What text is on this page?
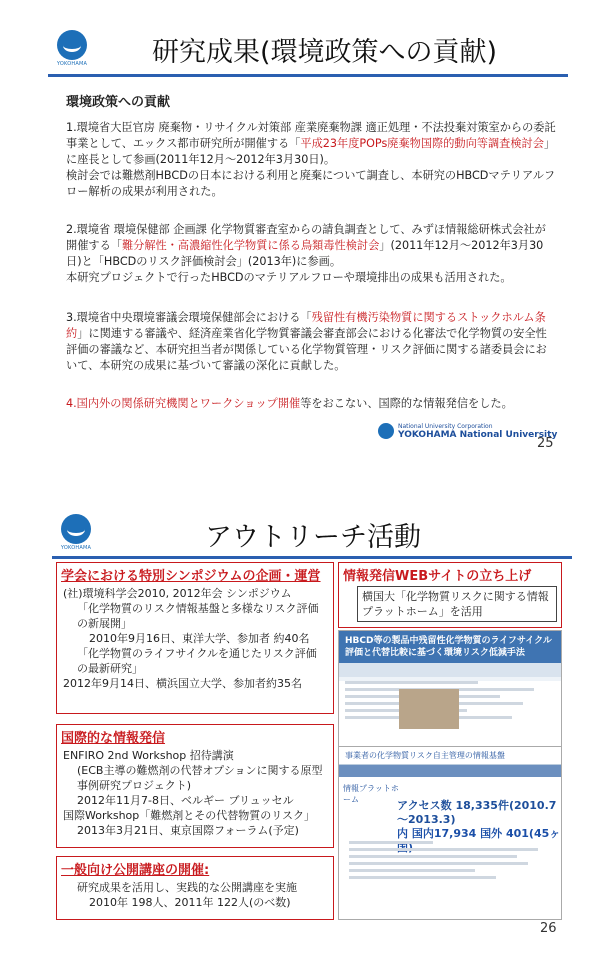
YOKOHAMA 研究成果(環境政策への貢献)
環境政策への貢献
1.環境省大臣官房 廃棄物・リサイクル対策部 産業廃棄物課 適正処理・不法投棄対策室からの委託事業として、エックス都市研究所が開催する「平成23年度POPs廃棄物国際的動向等調査検討会」に座長として参画(2011年12月～2012年3月30日)。
検討会では難燃剤HBCDの日本における利用と廃棄について調査し、本研究のHBCDマテリアルフロー解析の成果が利用された。
2.環境省 環境保健部 企画課 化学物質審査室からの請負調査として、みずほ情報総研株式会社が開催する「難分解性・高濃縮性化学物質に係る鳥類毒性検討会」(2011年12月～2012年3月30日)と「HBCDのリスク評価検討会」(2013年)に参画。
本研究プロジェクトで行ったHBCDのマテリアルフローや環境排出の成果も活用された。
3.環境省中央環境審議会環境保健部会における「残留性有機汚染物質に関するストックホルム条約」に関連する審議や、経済産業省化学物質審議会審査部会における化審法で化学物質の安全性評価の審議など、本研究担当者が関係している化学物質管理・リスク評価に関する諸委員会において、本研究の成果に基づいて審議の深化に貢献した。
4.国内外の関係研究機関とワークショップ開催等をおこない、国際的な情報発信をした。
National University Corporation
YOKOHAMA National University
25
YOKOHAMA	アウトリーチ活動
学会における特別シンポジウムの企画・運営
(社)環境科学会2010, 2012年会 シンポジウム
「化学物質のリスク情報基盤と多様なリスク評価の新展開」
2010年9月16日、東洋大学、参加者 約40名
「化学物質のライフサイクルを通じたリスク評価の最新研究」
2012年9月14日、横浜国立大学、参加者約35名
国際的な情報発信
ENFIRO 2nd Workshop 招待講演
(ECB主導の難燃剤の代替オプションに関する原型事例研究プロジェクト)
2012年11月7-8日、ベルギー ブリュッセル
国際Workshop「難燃剤とその代替物質のリスク」
2013年3月21日、東京国際フォーラム(予定)
一般向け公開講座の開催:
研究成果を活用し、実践的な公開講座を実施
2010年 198人、2011年 122人(のべ数)
情報発信WEBサイトの立ち上げ
横国大「化学物質リスクに関する情報プラットホーム」を活用
HBCD等の製品中残留性化学物質のライフサイクル評価と代替比較に基づく環境リスク低減手法
事業者の化学物質リスク自主管理の情報基盤
情報プラットホーム	アクセス数 18,335件(2010.7～2013.3)
内 国内17,934 国外 401(45ヶ
26
